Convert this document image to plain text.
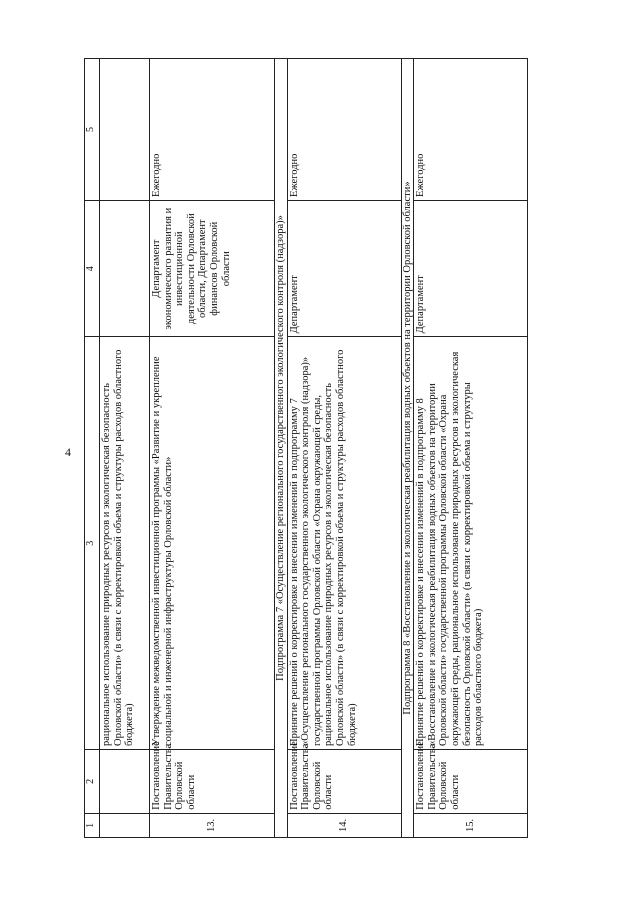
4
1	2	3	4	5
		рациональное использование природных ресурсов и экологическая безопасность Орловской области» (в связи с корректировкой объема и структуры расходов областного бюджета)		
13.	Постановление Правительства Орловской области	Утверждение межведомственной инвестиционной программы «Развитие и укрепление социальной и инженерной инфраструктуры Орловской области»	Департамент экономического развития и инвестиционной деятельности Орловской области, Департамент финансов Орловской области	Ежегодно
Подпрограмма 7 «Осуществление регионального государственного экологического контроля (надзора)»				
14.	Постановление Правительства Орловской области	Принятие решений о корректировке и внесении изменений в подпрограмму 7 «Осуществление регионального государственного экологического контроля (надзора)» государственной программы Орловской области «Охрана окружающей среды, рациональное использование природных ресурсов и экологическая безопасность Орловской области» (в связи с корректировкой объема и структуры расходов областного бюджета)	Департамент	Ежегодно
Подпрограмма 8 «Восстановление и экологическая реабилитация водных объектов на территории Орловской области»				
15.	Постановление Правительства Орловской области	Принятие решений о корректировке и внесении изменений в подпрограмму 8 «Восстановление и экологическая реабилитация водных объектов на территории Орловской области» государственной программы Орловской области «Охрана окружающей среды, рациональное использование природных ресурсов и экологическая безопасность Орловской области» (в связи с корректировкой объема и структуры расходов областного бюджета)	Департамент	Ежегодно
